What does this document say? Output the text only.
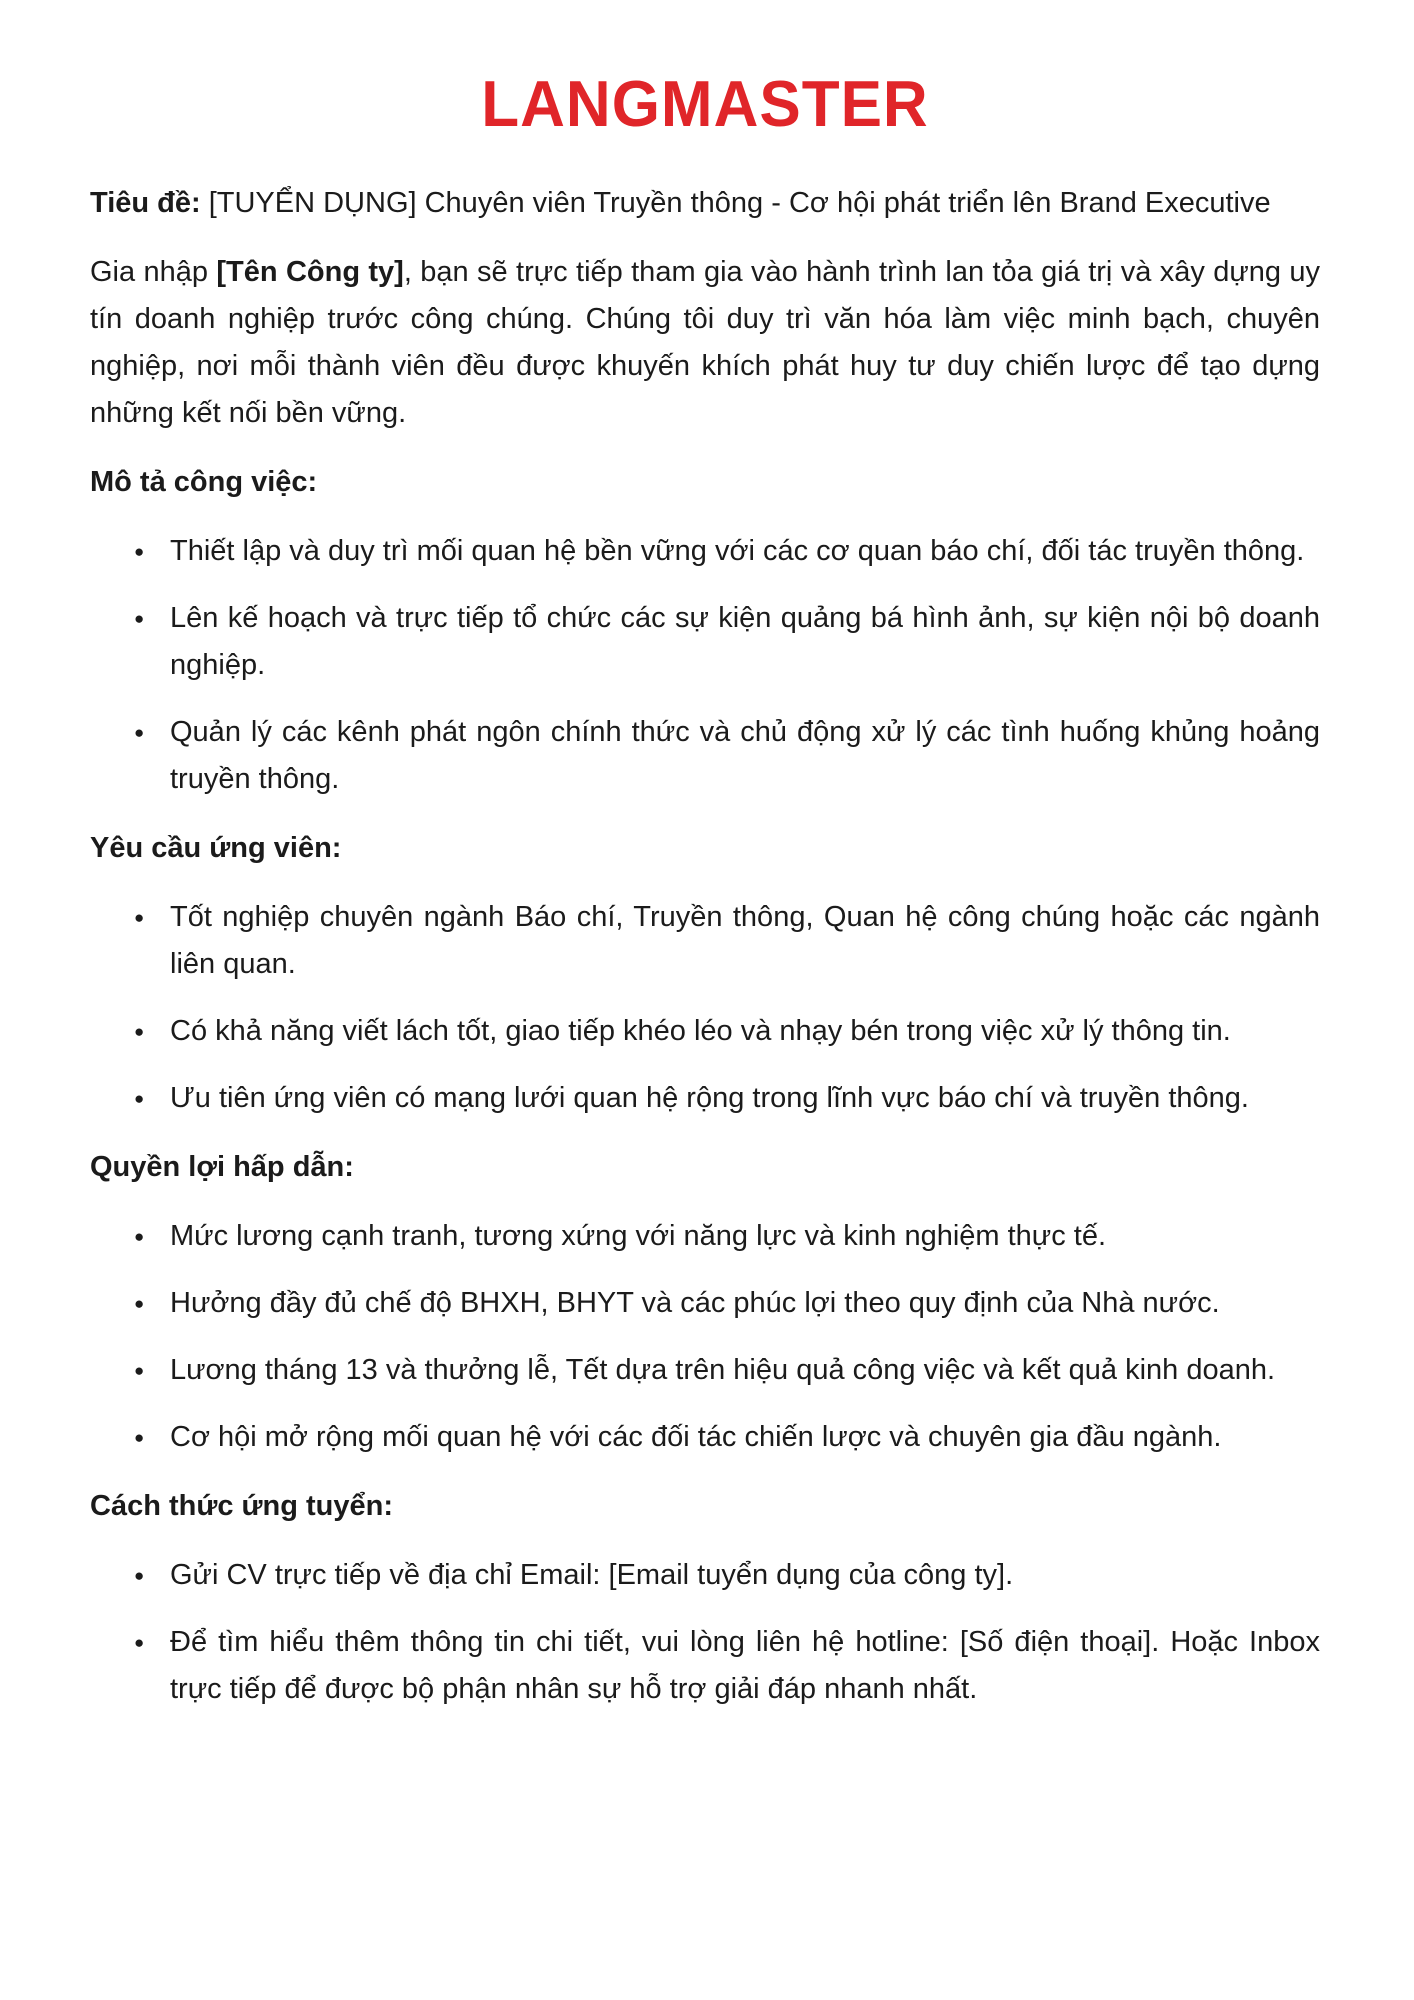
LANGMASTER

Tiêu đề: [TUYỂN DỤNG] Chuyên viên Truyền thông - Cơ hội phát triển lên Brand Executive

Gia nhập [Tên Công ty], bạn sẽ trực tiếp tham gia vào hành trình lan tỏa giá trị và xây dựng uy tín doanh nghiệp trước công chúng. Chúng tôi duy trì văn hóa làm việc minh bạch, chuyên nghiệp, nơi mỗi thành viên đều được khuyến khích phát huy tư duy chiến lược để tạo dựng những kết nối bền vững.

Mô tả công việc:
● Thiết lập và duy trì mối quan hệ bền vững với các cơ quan báo chí, đối tác truyền thông.
● Lên kế hoạch và trực tiếp tổ chức các sự kiện quảng bá hình ảnh, sự kiện nội bộ doanh nghiệp.
● Quản lý các kênh phát ngôn chính thức và chủ động xử lý các tình huống khủng hoảng truyền thông.
Yêu cầu ứng viên:
● Tốt nghiệp chuyên ngành Báo chí, Truyền thông, Quan hệ công chúng hoặc các ngành liên quan.
● Có khả năng viết lách tốt, giao tiếp khéo léo và nhạy bén trong việc xử lý thông tin.
● Ưu tiên ứng viên có mạng lưới quan hệ rộng trong lĩnh vực báo chí và truyền thông.
Quyền lợi hấp dẫn:
● Mức lương cạnh tranh, tương xứng với năng lực và kinh nghiệm thực tế.
● Hưởng đầy đủ chế độ BHXH, BHYT và các phúc lợi theo quy định của Nhà nước.
● Lương tháng 13 và thưởng lễ, Tết dựa trên hiệu quả công việc và kết quả kinh doanh.
● Cơ hội mở rộng mối quan hệ với các đối tác chiến lược và chuyên gia đầu ngành.
Cách thức ứng tuyển:
● Gửi CV trực tiếp về địa chỉ Email: [Email tuyển dụng của công ty].
● Để tìm hiểu thêm thông tin chi tiết, vui lòng liên hệ hotline: [Số điện thoại]. Hoặc Inbox trực tiếp để được bộ phận nhân sự hỗ trợ giải đáp nhanh nhất.
